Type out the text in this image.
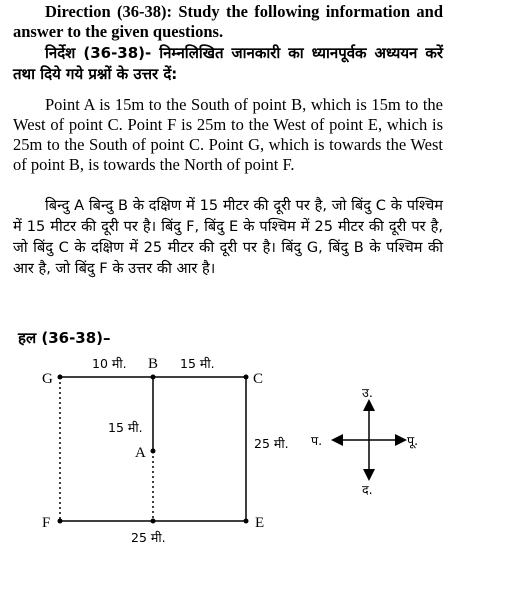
Direction (36-38): Study the following information and answer to the given questions.

निर्देश (36-38)- निम्नलिखित जानकारी का ध्यानपूर्वक अध्ययन करें तथा दिये गये प्रश्नों के उत्तर दें:

Point A is 15m to the South of point B, which is 15m to the West of point C. Point F is 25m to the West of point E, which is 25m to the South of point C. Point G, which is towards the West of point B, is towards the North of point F.

बिन्दु A बिन्दु B के दक्षिण में 15 मीटर की दूरी पर है, जो बिंदु C के पश्चिम में 15 मीटर की दूरी पर है। बिंदु F, बिंदु E के पश्चिम में 25 मीटर की दूरी पर है, जो बिंदु C के दक्षिण में 25 मीटर की दूरी पर है। बिंदु G, बिंदु B के पश्चिम की आर है, जो बिंदु F के उत्तर की आर है।

हल (36-38)–
G
B
C
A
F	E
10 मी.	15 मी.
15 मी.
25 मी.
25 मी.
उ.
द.
प.	पू.
